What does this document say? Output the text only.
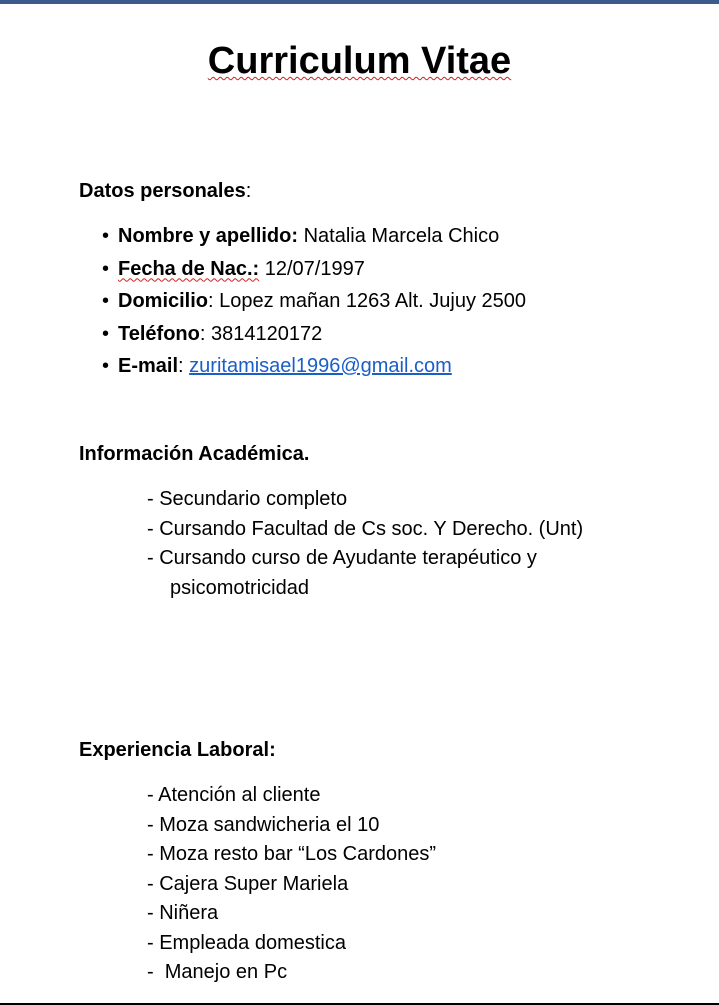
Curriculum Vitae
Datos personales:
• Nombre y apellido: Natalia Marcela Chico
• Fecha de Nac.: 12/07/1997
• Domicilio: Lopez mañan 1263 Alt. Jujuy 2500
• Teléfono: 3814120172
• E-mail: zuritamisael1996@gmail.com
Información Académica.
- Secundario completo
- Cursando Facultad de Cs soc. Y Derecho. (Unt)
- Cursando curso de Ayudante terapéutico y
psicomotricidad
Experiencia Laboral:
- Atención al cliente
- Moza sandwicheria el 10
- Moza resto bar “Los Cardones”
- Cajera Super Mariela
- Niñera
- Empleada domestica
-  Manejo en Pc
